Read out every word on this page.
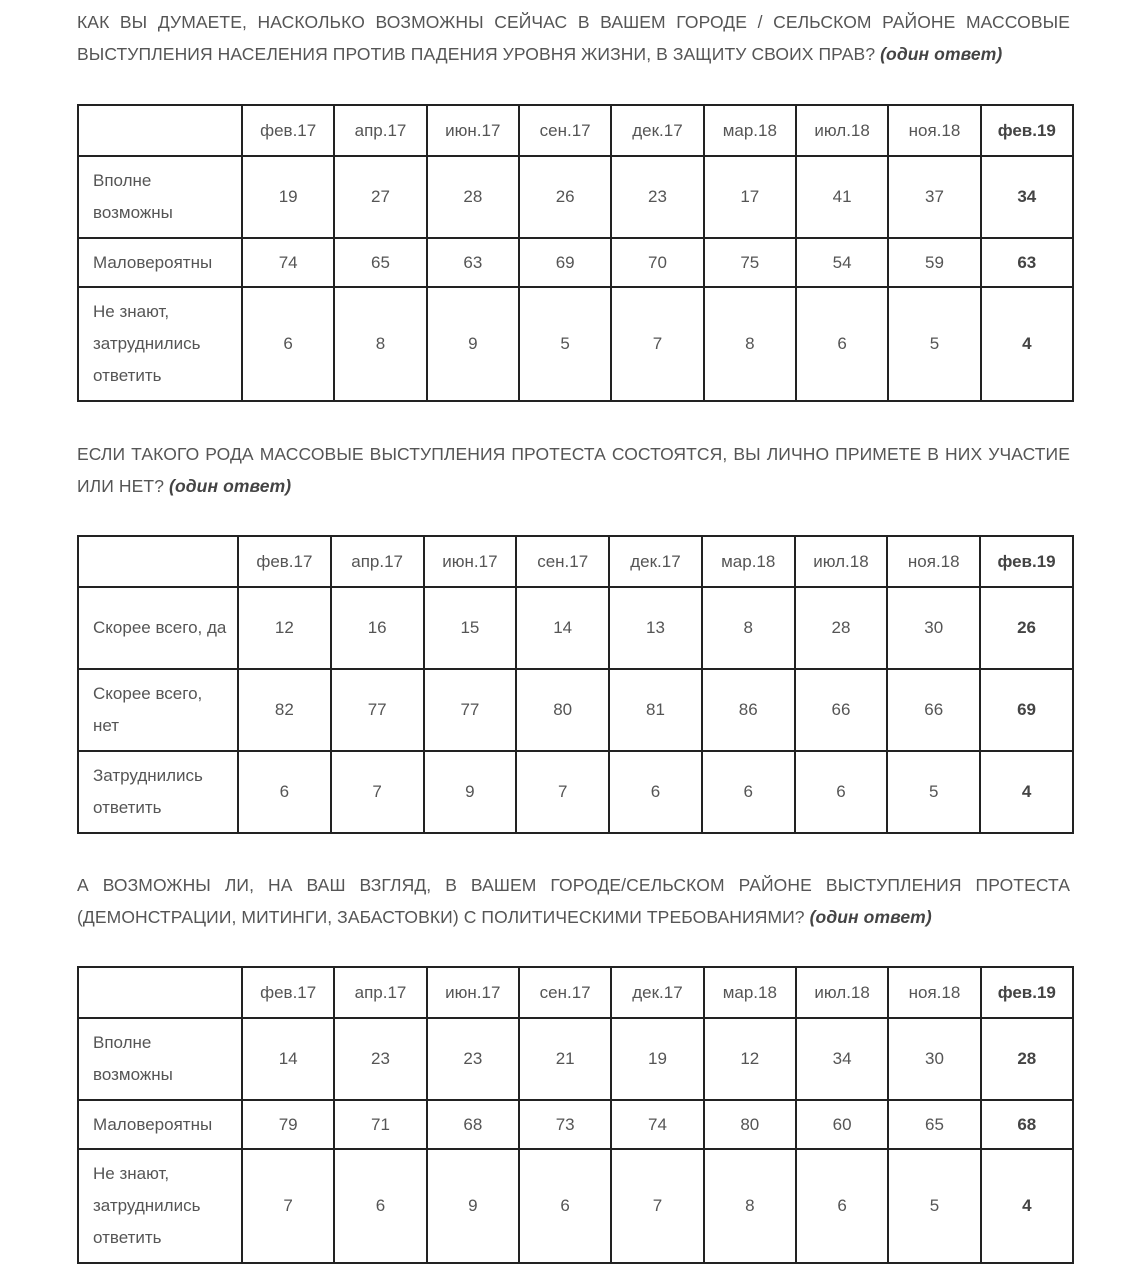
КАК ВЫ ДУМАЕТЕ, НАСКОЛЬКО ВОЗМОЖНЫ СЕЙЧАС В ВАШЕМ ГОРОДЕ / СЕЛЬСКОМ РАЙОНЕ МАССОВЫЕ ВЫСТУПЛЕНИЯ НАСЕЛЕНИЯ ПРОТИВ ПАДЕНИЯ УРОВНЯ ЖИЗНИ, В ЗАЩИТУ СВОИХ ПРАВ? (один ответ)

	фев.17	апр.17	июн.17	сен.17	дек.17	мар.18	июл.18	ноя.18	фев.19
Вполне возможны	19	27	28	26	23	17	41	37	34
Маловероятны	74	65	63	69	70	75	54	59	63
Не знают, затруднились ответить	6	8	9	5	7	8	6	5	4

ЕСЛИ ТАКОГО РОДА МАССОВЫЕ ВЫСТУПЛЕНИЯ ПРОТЕСТА СОСТОЯТСЯ, ВЫ ЛИЧНО ПРИМЕТЕ В НИХ УЧАСТИЕ ИЛИ НЕТ? (один ответ)

	фев.17	апр.17	июн.17	сен.17	дек.17	мар.18	июл.18	ноя.18	фев.19
Скорее всего, да	12	16	15	14	13	8	28	30	26
Скорее всего, нет	82	77	77	80	81	86	66	66	69
Затруднились ответить	6	7	9	7	6	6	6	5	4

А ВОЗМОЖНЫ ЛИ, НА ВАШ ВЗГЛЯД, В ВАШЕМ ГОРОДЕ/СЕЛЬСКОМ РАЙОНЕ ВЫСТУПЛЕНИЯ ПРОТЕСТА (ДЕМОНСТРАЦИИ, МИТИНГИ, ЗАБАСТОВКИ) С ПОЛИТИЧЕСКИМИ ТРЕБОВАНИЯМИ? (один ответ)

	фев.17	апр.17	июн.17	сен.17	дек.17	мар.18	июл.18	ноя.18	фев.19
Вполне возможны	14	23	23	21	19	12	34	30	28
Маловероятны	79	71	68	73	74	80	60	65	68
Не знают, затруднились ответить	7	6	9	6	7	8	6	5	4
